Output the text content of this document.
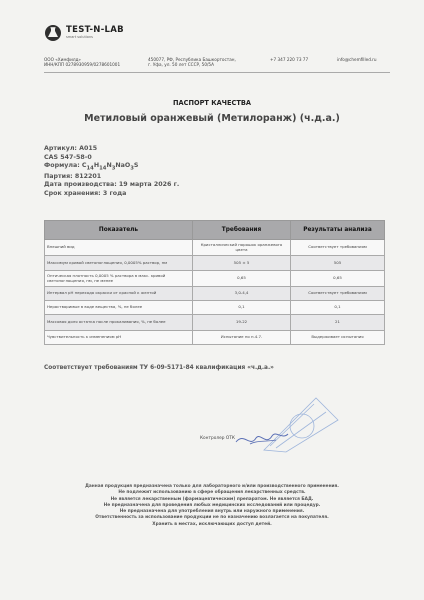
TEST-N-LAB
smart solutions
ООО «Химфилд»
ИНН/КПП 0278930959/0278601001
450077, РФ, Республика Башкортостан,
г. Уфа, ул. 50 лет СССР, 50/5А
+7 347 220 73 77	info@chemfilled.ru
ПАСПОРТ КАЧЕСТВА
Метиловый оранжевый (Метилоранж) (ч.д.а.)
Артикул: A015
CAS 547-58-0
Формула: $C_{14}H_{14}N_3NaO_3S$
Партия: 812201
Дата производства: 19 марта 2026 г.
Срок хранения: 3 года
Показатель	Требования	Результаты анализа
Внешний вид	Кристаллический порошок оранжевого цвета	Соответствует требованиям
Максимум кривой светопоглощения, 0,0005% раствор, нм	505 ± 5	505
Оптическая плотность 0,0005 % раствора в макс. кривой светопоглощения, нм, не менее	0,65	0,65
Интервал pH перехода окраски от красной к желтой	3,0-4,4	Соответствует требованиям
Нерастворимые в воде вещества, %, не более	0,1	0,1
Массовая доля остатка после прокаливания, %, не более	19-22	21
Чувствительность к изменениям pH	Испытание по п.4.7.	Выдерживает испытания
Соответствует требованиям ТУ 6-09-5171-84 квалификация «ч.д.а.»
Контролер ОТК
Данная продукция предназначена только для лабораторного и/или производственного применения.
Не подлежит использованию в сфере обращения лекарственных средств.
Не является лекарственным (фармацевтическим) препаратом. Не является БАД.
Не предназначена для проведения любых медицинских исследований или процедур.
Не предназначена для употребления внутрь или наружного применения.
Ответственность за использование продукции не по назначению возлагается на покупателя.
Хранить в местах, исключающих доступ детей.
